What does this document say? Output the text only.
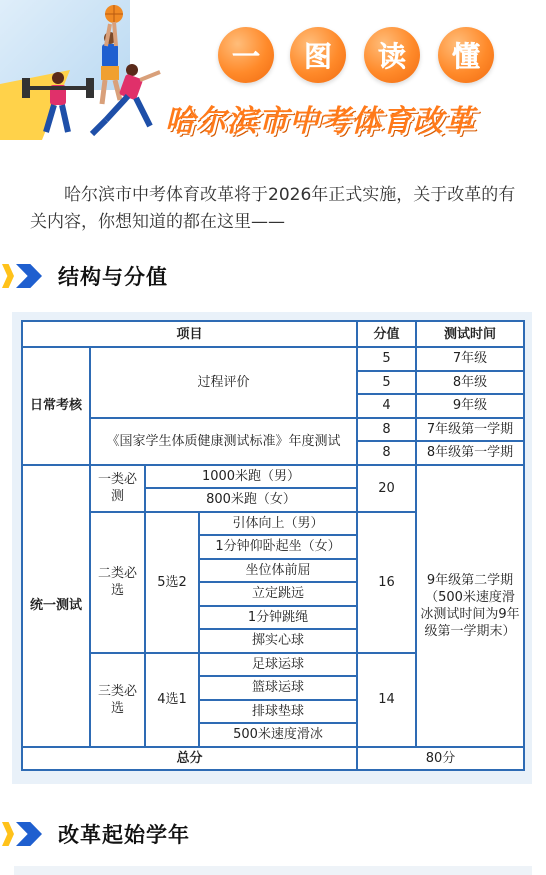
一 图 读 懂
哈尔滨市中考体育改革

哈尔滨市中考体育改革将于2026年正式实施，关于改革的有关内容，你想知道的都在这里——

结构与分值
项目				分值	测试时间
日常考核	过程评价			5	7年级
				5	8年级
				4	9年级
	《国家学生体质健康测试标准》年度测试			8	7年级第一学期
				8	8年级第一学期
统一测试	一类必测	1000米跑（男）		20	9年级第二学期（500米速度滑冰测试时间为9年级第一学期末）
		800米跑（女）			
	二类必选	5选2	引体向上（男）	16	
			1分钟仰卧起坐（女）		
			坐位体前屈		
			立定跳远		
			1分钟跳绳		
			掷实心球		
	三类必选	4选1	足球运球	14	
			篮球运球		
			排球垫球		
			500米速度滑冰		
总分				80分	
改革起始学年
